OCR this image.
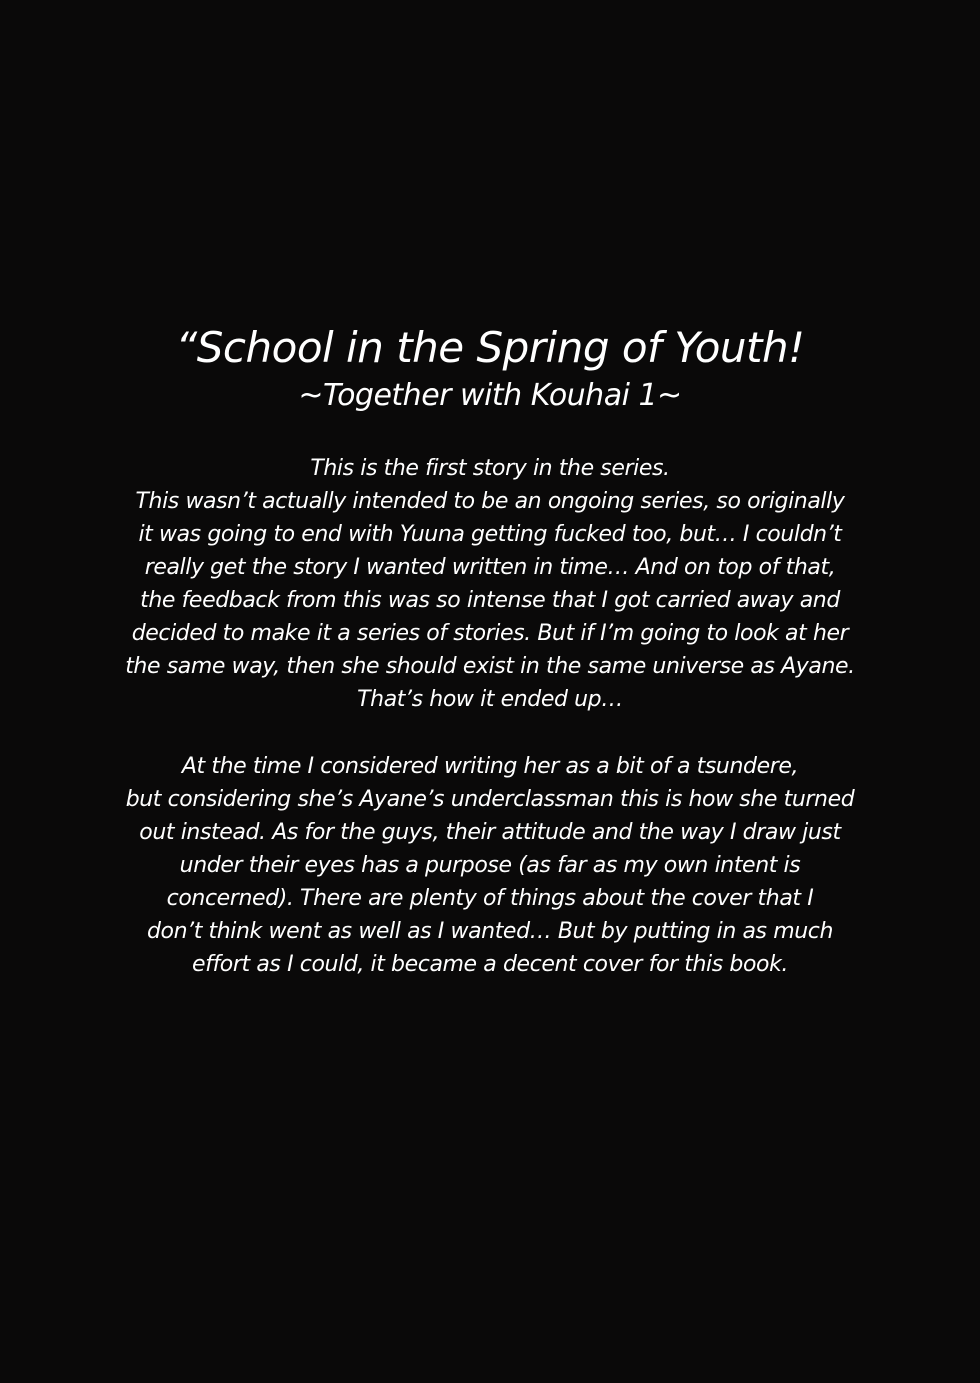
“School in the Spring of Youth!
~Together with Kouhai 1~
This is the first story in the series.
This wasn’t actually intended to be an ongoing series, so originally
it was going to end with Yuuna getting fucked too, but… I couldn’t
really get the story I wanted written in time… And on top of that,
the feedback from this was so intense that I got carried away and
decided to make it a series of stories. But if I’m going to look at her
the same way, then she should exist in the same universe as Ayane.
That’s how it ended up…
At the time I considered writing her as a bit of a tsundere,
but considering she’s Ayane’s underclassman this is how she turned
out instead. As for the guys, their attitude and the way I draw just
under their eyes has a purpose (as far as my own intent is
concerned). There are plenty of things about the cover that I
don’t think went as well as I wanted… But by putting in as much
effort as I could, it became a decent cover for this book.
